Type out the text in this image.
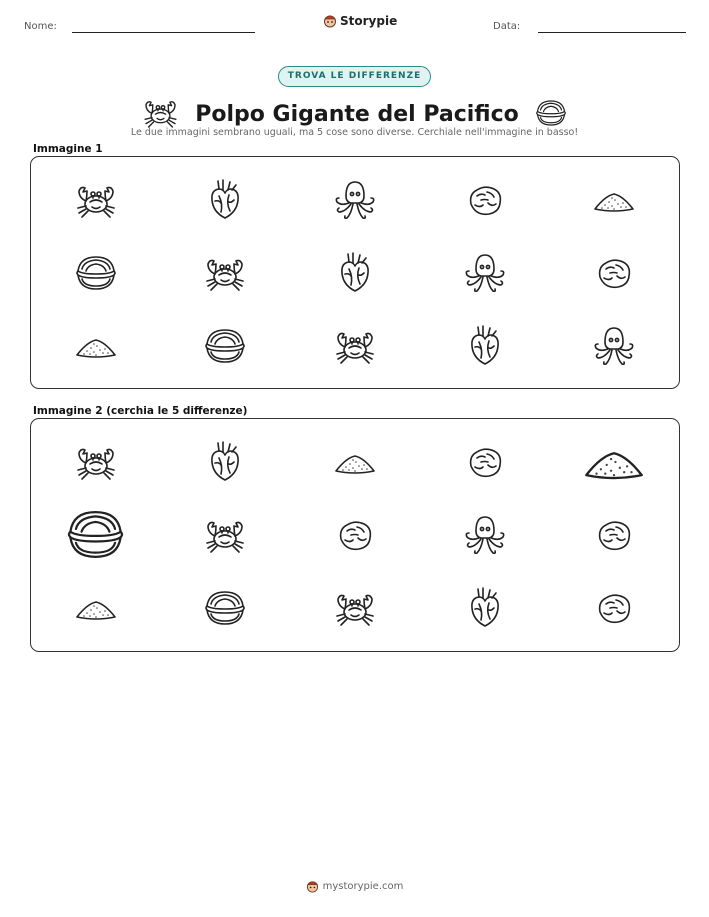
Nome:	Storypie	Data:
TROVA LE DIFFERENZE
Polpo Gigante del Pacifico
Le due immagini sembrano uguali, ma 5 cose sono diverse. Cerchiale nell'immagine in basso!
Immagine 1
Immagine 2 (cerchia le 5 differenze)
mystorypie.com
